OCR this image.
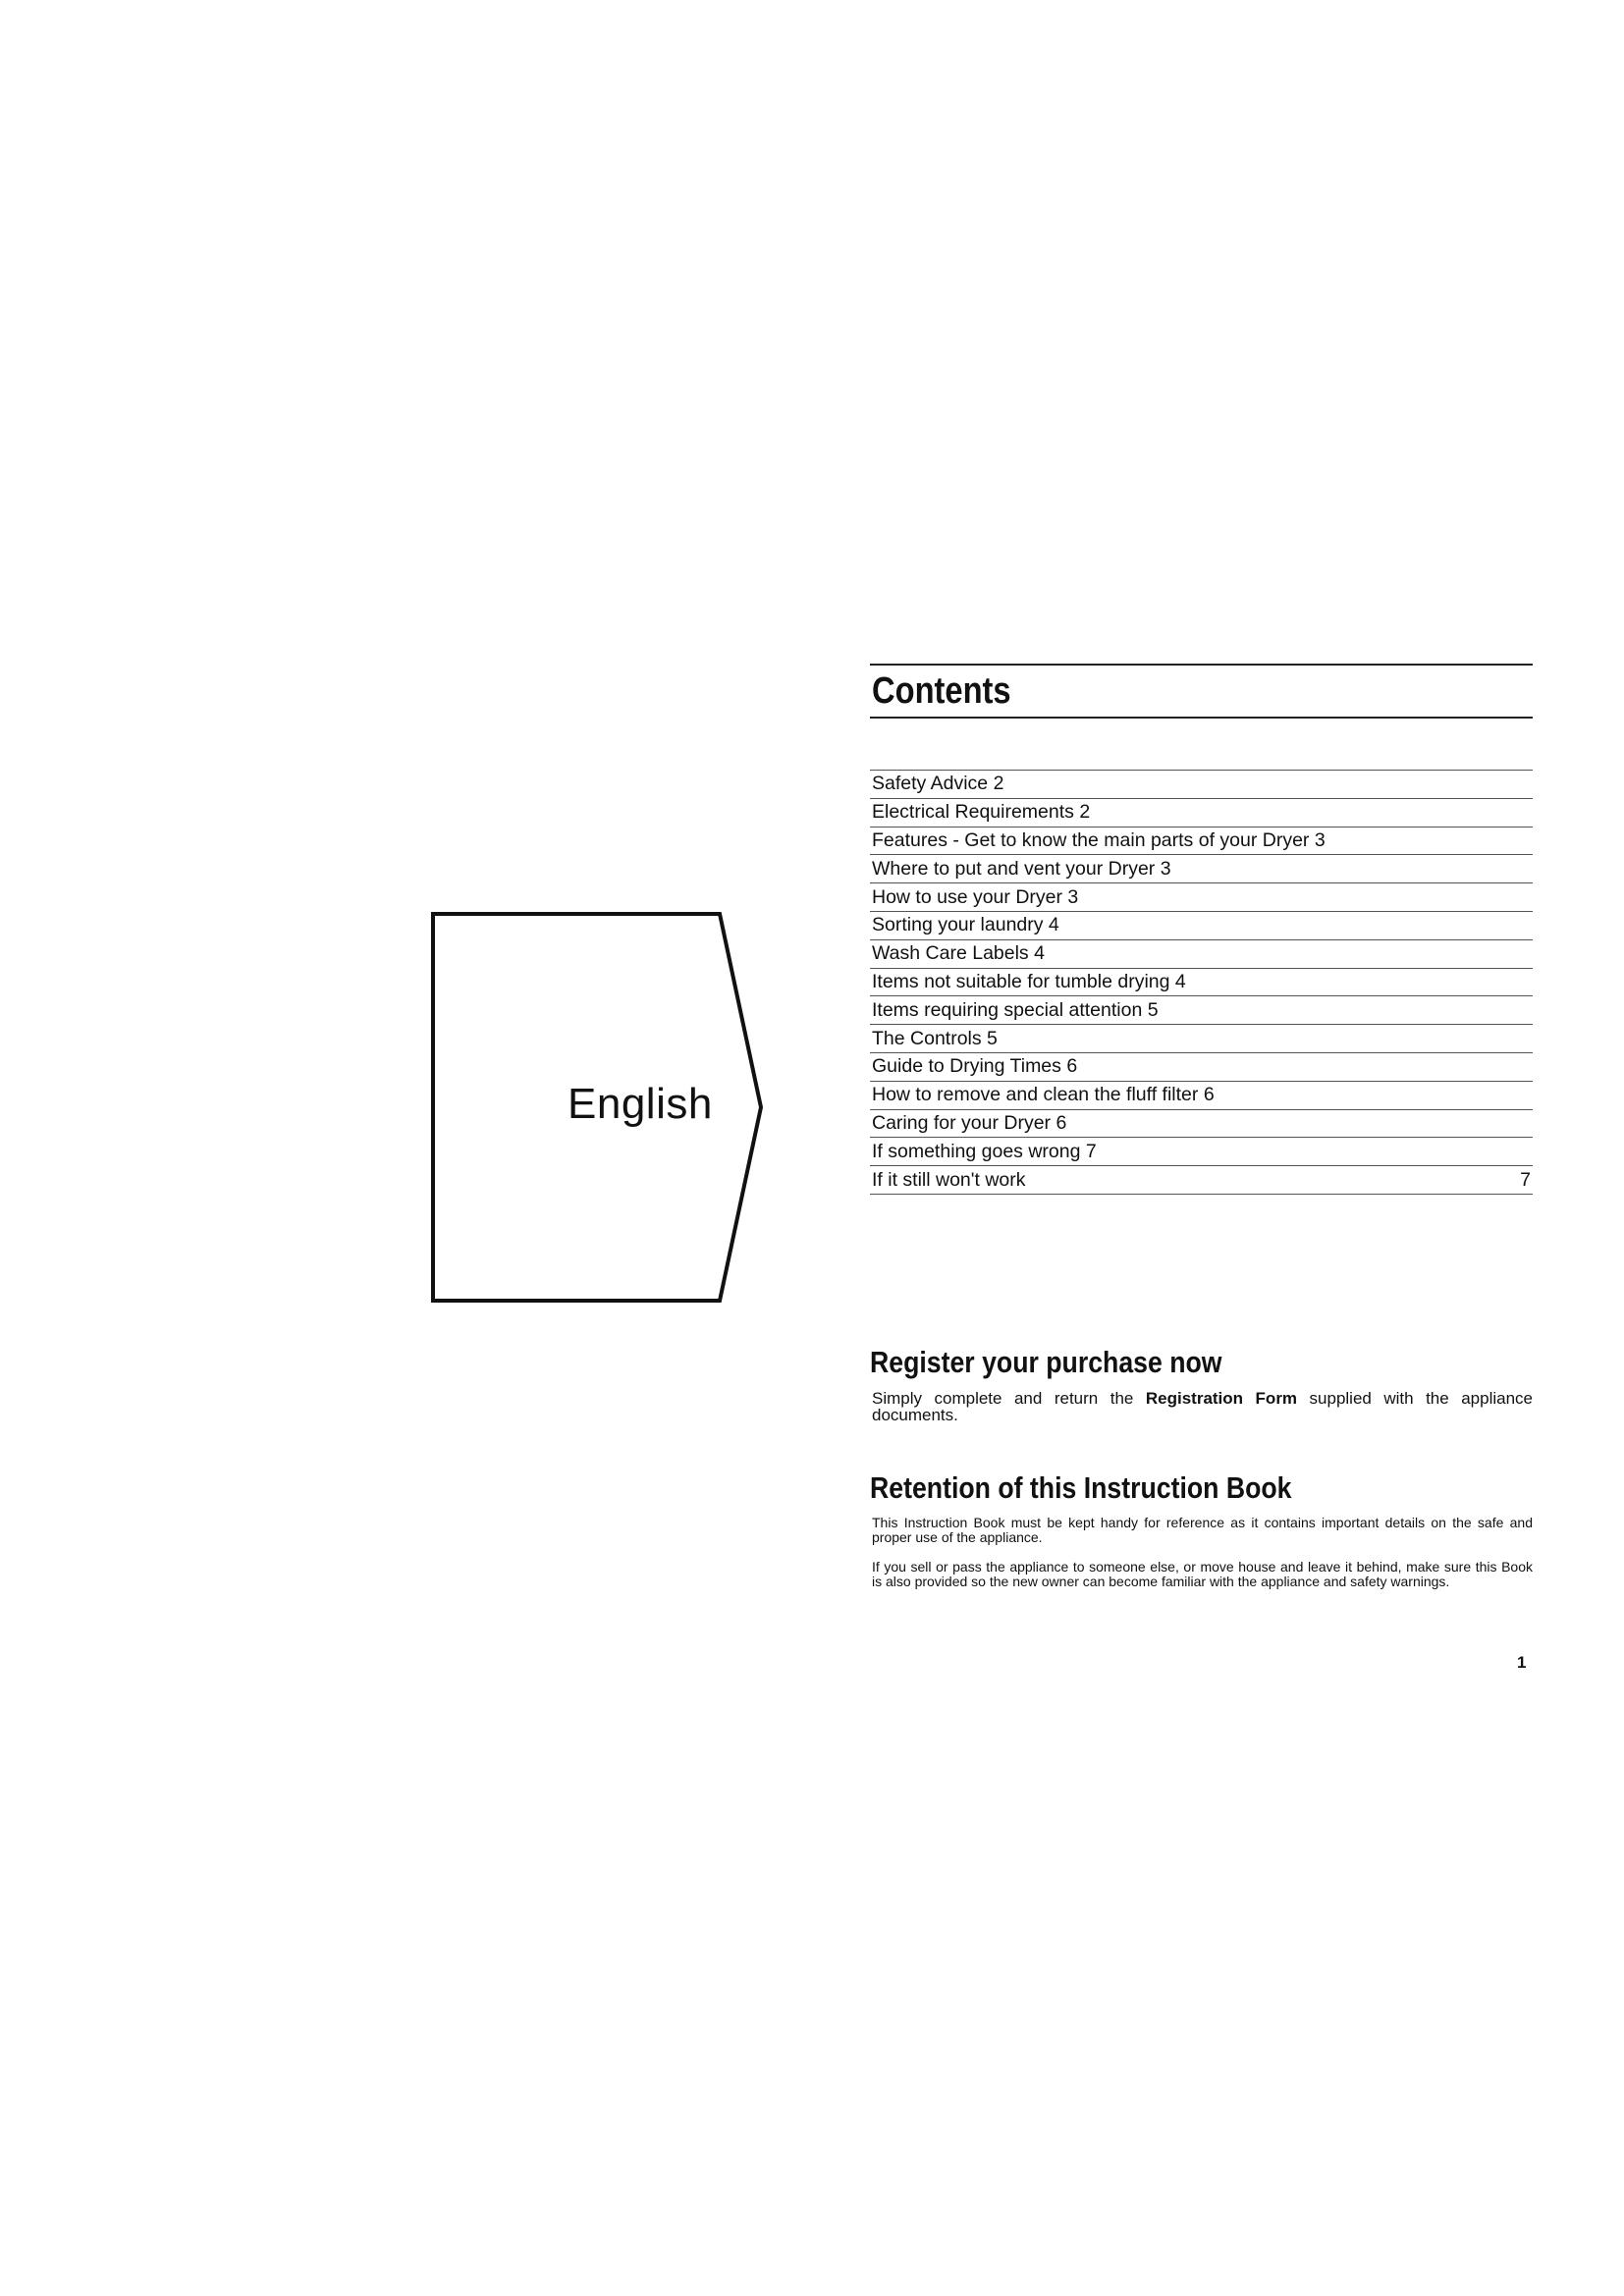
English
Contents
Safety Advice 2
Electrical Requirements 2
Features - Get to know the main parts of your Dryer 3
Where to put and vent your Dryer 3
How to use your Dryer 3
Sorting your laundry 4
Wash Care Labels 4
Items not suitable for tumble drying 4
Items requiring special attention 5
The Controls 5
Guide to Drying Times 6
How to remove and clean the fluff filter 6
Caring for your Dryer 6
If something goes wrong 7
If it still won't work	7
Register your purchase now

Simply complete and return the Registration Form supplied with the appliance documents.

Retention of this Instruction Book

This Instruction Book must be kept handy for reference as it contains important details on the safe and proper use of the appliance.

If you sell or pass the appliance to someone else, or move house and leave it behind, make sure this Book is also provided so the new owner can become familiar with the appliance and safety warnings.

1
